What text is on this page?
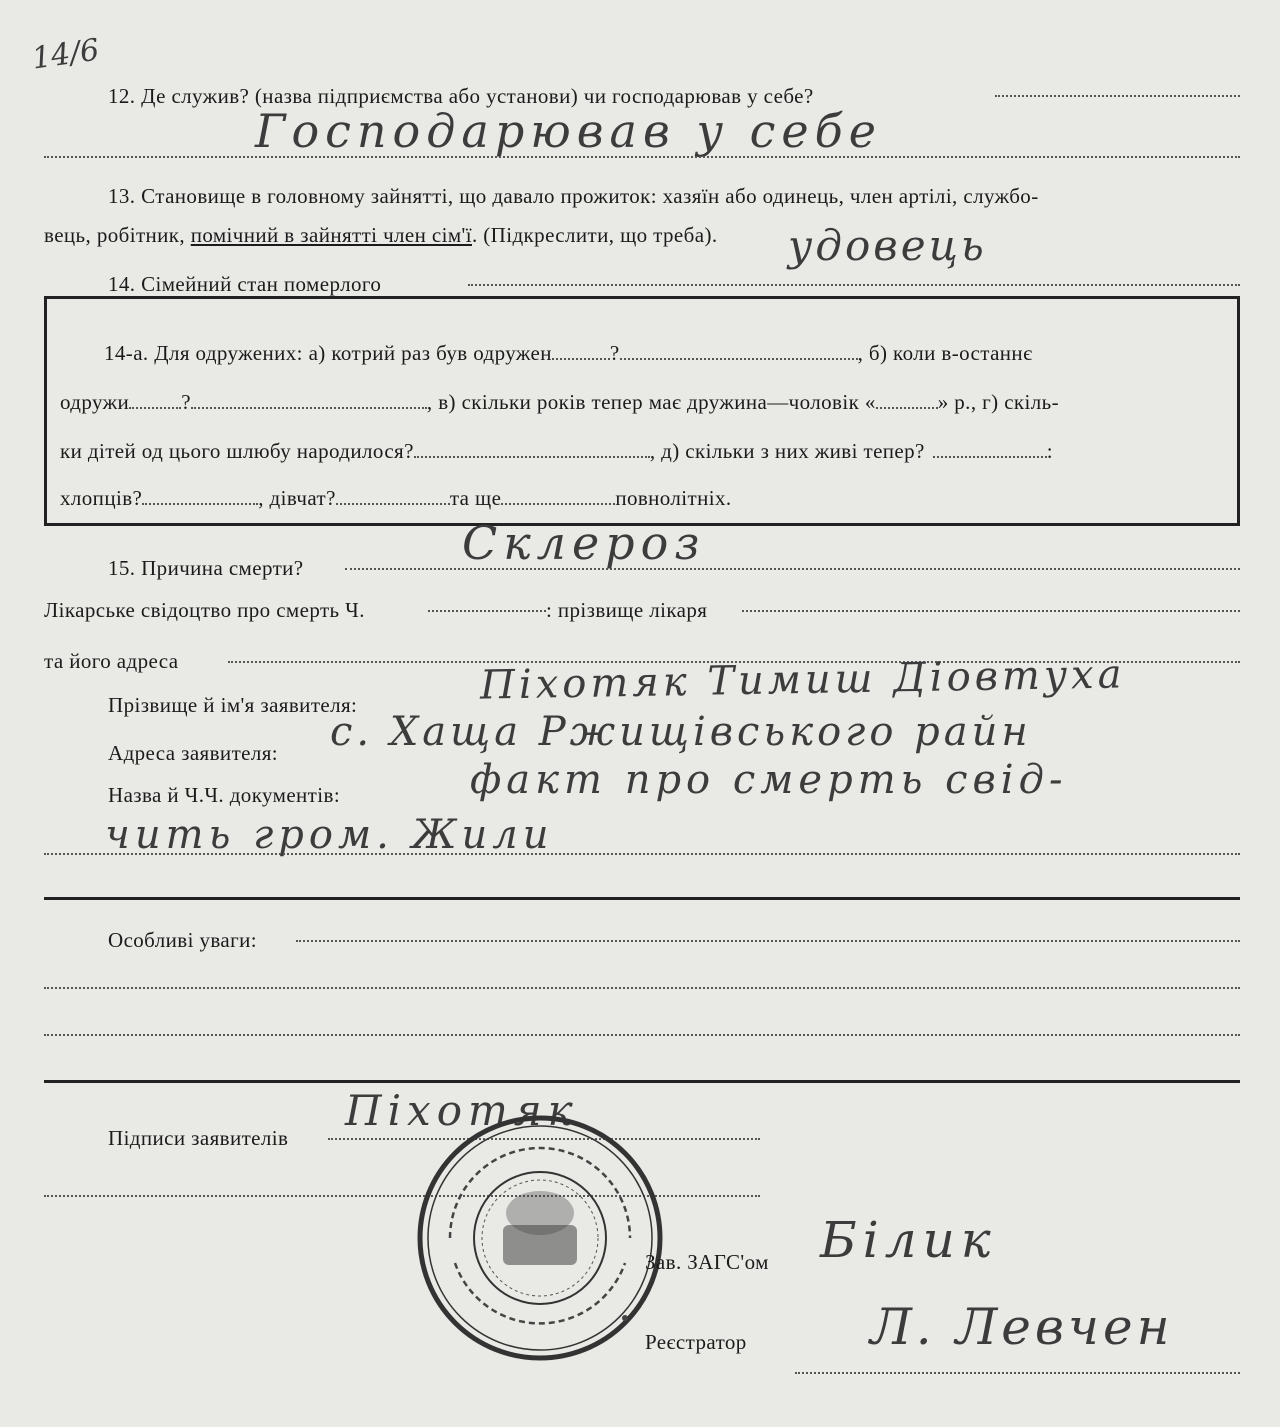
14/6
12. Де служив? (назва підприємства або установи) чи господарював у себе?
Господарював у себе
13. Становище в головному зайнятті, що давало прожиток: хазяїн або одинець, член артілі, службо-
вець, робітник, помічний в зайнятті член сім'ї. (Підкреслити, що треба). удовець
14. Сімейний стан померлого
14-а. Для одружених: а) котрий раз був одружен	?	, б) коли в-останнє
одружи ?	, в) скільки років тепер має дружина—чоловік «	» р., г) скіль-
ки дітей од цього шлюбу народилося?	, д) скільки з них живі тепер?	:
хлопців?	, дівчат?	та ще	повнолітніх.
Склероз
15. Причина смерти?
Лікарське свідоцтво про смерть Ч.	: прізвище лікаря
та його адреса
Прізвище й ім'я заявителя:	Піхотяк Тимиш Діовтуха
Адреса заявителя: с. Хаща Ржищівського райн
Назва й Ч.Ч. документів:	факт про смерть свід-
чить гром. Жили
Особливі уваги:
Підписи заявителів
Піхотяк
Зав. ЗАГС'ом Білик
Реєстратор Л. Левчен
